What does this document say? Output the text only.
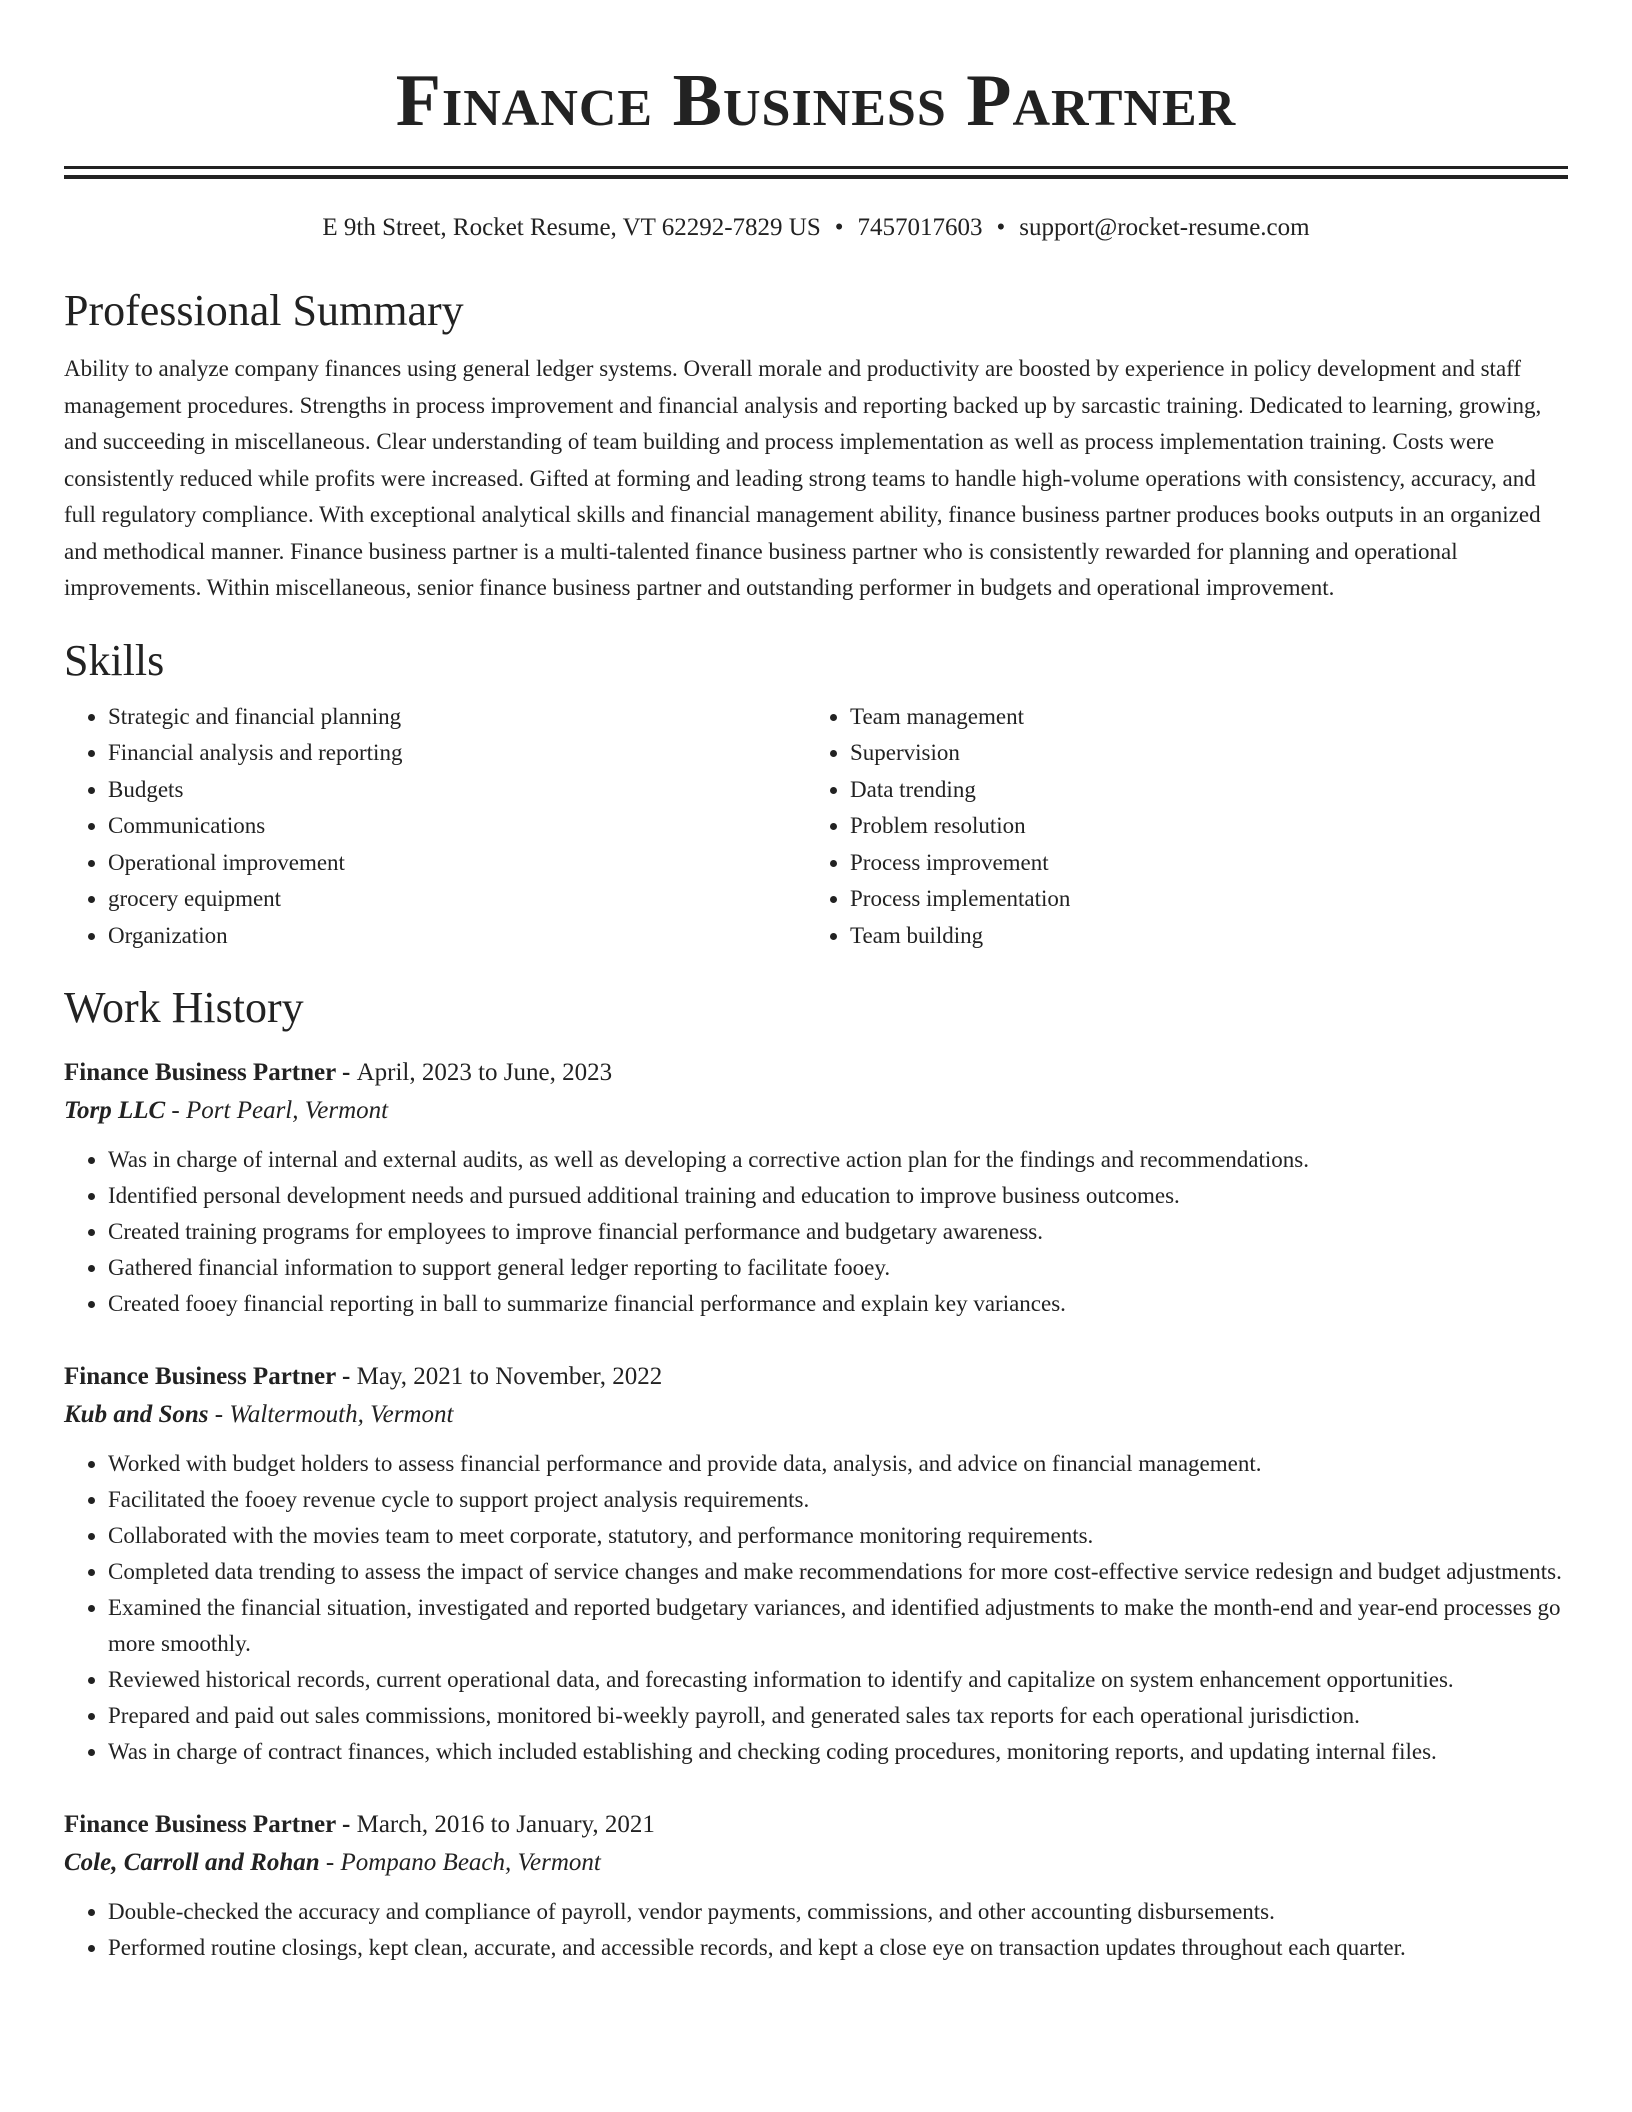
Finance Business Partner
E 9th Street, Rocket Resume, VT 62292-7829 US • 7457017603 • support@rocket-resume.com
Professional Summary

Ability to analyze company finances using general ledger systems. Overall morale and productivity are boosted by experience in policy development and staff management procedures. Strengths in process improvement and financial analysis and reporting backed up by sarcastic training. Dedicated to learning, growing, and succeeding in miscellaneous. Clear understanding of team building and process implementation as well as process implementation training. Costs were consistently reduced while profits were increased. Gifted at forming and leading strong teams to handle high-volume operations with consistency, accuracy, and full regulatory compliance. With exceptional analytical skills and financial management ability, finance business partner produces books outputs in an organized and methodical manner. Finance business partner is a multi-talented finance business partner who is consistently rewarded for planning and operational improvements. Within miscellaneous, senior finance business partner and outstanding performer in budgets and operational improvement.

Skills
• Strategic and financial planning
• Financial analysis and reporting
• Budgets
• Communications
• Operational improvement
• grocery equipment
• Organization
• Team management
• Supervision
• Data trending
• Problem resolution
• Process improvement
• Process implementation
• Team building
Work History
Finance Business Partner - April, 2023 to June, 2023
Torp LLC - Port Pearl, Vermont
• Was in charge of internal and external audits, as well as developing a corrective action plan for the findings and recommendations.
• Identified personal development needs and pursued additional training and education to improve business outcomes.
• Created training programs for employees to improve financial performance and budgetary awareness.
• Gathered financial information to support general ledger reporting to facilitate fooey.
• Created fooey financial reporting in ball to summarize financial performance and explain key variances.
Finance Business Partner - May, 2021 to November, 2022
Kub and Sons - Waltermouth, Vermont
• Worked with budget holders to assess financial performance and provide data, analysis, and advice on financial management.
• Facilitated the fooey revenue cycle to support project analysis requirements.
• Collaborated with the movies team to meet corporate, statutory, and performance monitoring requirements.
• Completed data trending to assess the impact of service changes and make recommendations for more cost-effective service redesign and budget adjustments.
• Examined the financial situation, investigated and reported budgetary variances, and identified adjustments to make the month-end and year-end processes go more smoothly.
• Reviewed historical records, current operational data, and forecasting information to identify and capitalize on system enhancement opportunities.
• Prepared and paid out sales commissions, monitored bi-weekly payroll, and generated sales tax reports for each operational jurisdiction.
• Was in charge of contract finances, which included establishing and checking coding procedures, monitoring reports, and updating internal files.
Finance Business Partner - March, 2016 to January, 2021
Cole, Carroll and Rohan - Pompano Beach, Vermont
• Double-checked the accuracy and compliance of payroll, vendor payments, commissions, and other accounting disbursements.
• Performed routine closings, kept clean, accurate, and accessible records, and kept a close eye on transaction updates throughout each quarter.
